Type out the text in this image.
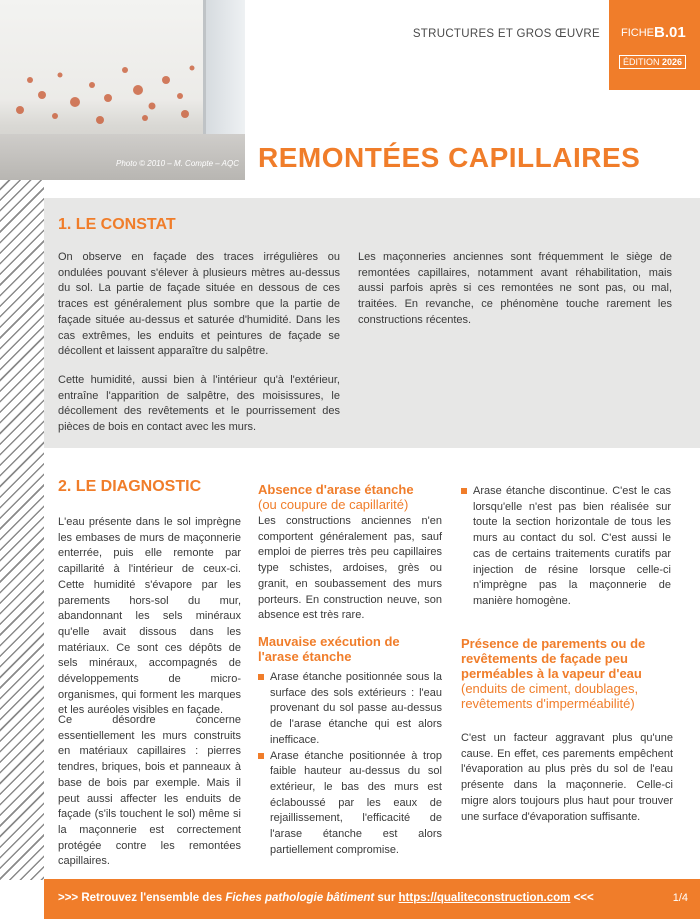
Photo © 2010 – M. Compte – AQC
STRUCTURES ET GROS ŒUVRE FICHE B.01
ÉDITION 2026
REMONTÉES CAPILLAIRES
1. LE CONSTAT

On observe en façade des traces irrégulières ou ondulées pouvant s'élever à plusieurs mètres au-dessus du sol. La partie de façade située en dessous de ces traces est généralement plus sombre que la partie de façade située au-dessus et saturée d'humidité. Dans les cas extrêmes, les enduits et peintures de façade se décollent et laissent apparaître du salpêtre.

Cette humidité, aussi bien à l'intérieur qu'à l'extérieur, entraîne l'apparition de salpêtre, des moisissures, le décollement des revêtements et le pourrissement des pièces de bois en contact avec les murs.

Les maçonneries anciennes sont fréquemment le siège de remontées capillaires, notamment avant réhabilitation, mais aussi parfois après si ces remontées ne sont pas, ou mal, traitées. En revanche, ce phénomène touche rarement les constructions récentes.

2. LE DIAGNOSTIC

L'eau présente dans le sol imprègne les embases de murs de maçonnerie enterrée, puis elle remonte par capillarité à l'intérieur de ceux-ci. Cette humidité s'évapore par les parements hors-sol du mur, abandonnant les sels minéraux qu'elle avait dissous dans les matériaux. Ce sont ces dépôts de sels minéraux, accompagnés de développements de micro-organismes, qui forment les marques et les auréoles visibles en façade.

Ce désordre concerne essentiellement les murs construits en matériaux capillaires : pierres tendres, briques, bois et panneaux à base de bois par exemple. Mais il peut aussi affecter les enduits de façade (s'ils touchent le sol) même si la maçonnerie est correctement protégée contre les remontées capillaires.

Absence d'arase étanche
(ou coupure de capillarité)

Les constructions anciennes n'en comportent généralement pas, sauf emploi de pierres très peu capillaires type schistes, ardoises, grès ou granit, en soubassement des murs porteurs. En construction neuve, son absence est très rare.

Mauvaise exécution de l'arase étanche
Arase étanche positionnée sous la surface des sols extérieurs : l'eau provenant du sol passe au-dessus de l'arase étanche qui est alors inefficace.
Arase étanche positionnée à trop faible hauteur au-dessus du sol extérieur, le bas des murs est éclaboussé par les eaux de rejaillissement, l'efficacité de l'arase étanche est alors partiellement compromise.
Arase étanche discontinue. C'est le cas lorsqu'elle n'est pas bien réalisée sur toute la section horizontale de tous les murs au contact du sol. C'est aussi le cas de certains traitements curatifs par injection de résine lorsque celle-ci n'imprègne pas la maçonnerie de manière homogène.
Présence de parements ou de revêtements de façade peu perméables à la vapeur d'eau (enduits de ciment, doublages, revêtements d'imperméabilité)

C'est un facteur aggravant plus qu'une cause. En effet, ces parements empêchent l'évaporation au plus près du sol de l'eau présente dans la maçonnerie. Celle-ci migre alors toujours plus haut pour trouver une surface d'évaporation suffisante.

>>> Retrouvez l'ensemble des Fiches pathologie bâtiment sur https://qualiteconstruction.com <<<	1/4
